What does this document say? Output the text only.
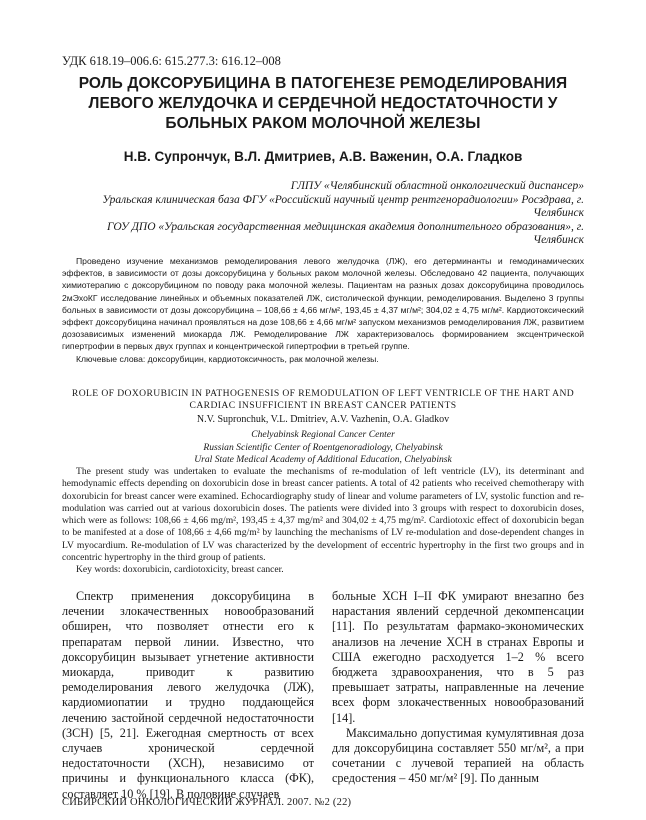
УДК 618.19–006.6: 615.277.3: 616.12–008
РОЛЬ ДОКСОРУБИЦИНА В ПАТОГЕНЕЗЕ РЕМОДЕЛИРОВАНИЯ ЛЕВОГО ЖЕЛУДОЧКА И СЕРДЕЧНОЙ НЕДОСТАТОЧНОСТИ У БОЛЬНЫХ РАКОМ МОЛОЧНОЙ ЖЕЛЕЗЫ
Н.В. Супрончук, В.Л. Дмитриев, А.В. Важенин, О.А. Гладков
ГЛПУ «Челябинский областной онкологический диспансер»
Уральская клиническая база ФГУ «Российский научный центр рентгенорадиологии» Росздрава, г. Челябинск
ГОУ ДПО «Уральская государственная медицинская академия дополнительного образования», г. Челябинск

Проведено изучение механизмов ремоделирования левого желудочка (ЛЖ), его детерминанты и гемодинамических эффектов, в зависимости от дозы доксорубицина у больных раком молочной железы. Обследовано 42 пациента, получающих химиотерапию с доксорубицином по поводу рака молочной железы. Пациентам на разных дозах доксорубицина проводилось 2мЭхоКГ исследование линейных и объемных показателей ЛЖ, систолической функции, ремоделирования. Выделено 3 группы больных в зависимости от дозы доксорубицина – 108,66 ± 4,66 мг/м², 193,45 ± 4,37 мг/м²; 304,02 ± 4,75 мг/м². Кардиотоксический эффект доксорубицина начинал проявляться на дозе 108,66 ± 4,66 мг/м² запуском механизмов ремоделирования ЛЖ, развитием дозозависимых изменений миокарда ЛЖ. Ремоделирование ЛЖ характеризовалось формированием эксцентрической гипертрофии в первых двух группах и концентрической гипертрофии в третьей группе.

Ключевые слова: доксорубицин, кардиотоксичность, рак молочной железы.

ROLE OF DOXORUBICIN IN PATHOGENESIS OF REMODULATION OF LEFT VENTRICLE OF THE HART AND CARDIAC INSUFFICIENT IN BREAST CANCER PATIENTS
N.V. Supronchuk, V.L. Dmitriev, A.V. Vazhenin, O.A. Gladkov
Chelyabinsk Regional Cancer Center
Russian Scientific Center of Roentgenoradiology, Chelyabinsk
Ural State Medical Academy of Additional Education, Chelyabinsk

The present study was undertaken to evaluate the mechanisms of re-modulation of left ventricle (LV), its determinant and hemodynamic effects depending on doxorubicin dose in breast cancer patients. A total of 42 patients who received chemotherapy with doxorubicin for breast cancer were examined. Echocardiography study of linear and volume parameters of LV, systolic function and re-modulation was carried out at various doxorubicin doses. The patients were divided into 3 groups with respect to doxorubicin doses, which were as follows: 108,66 ± 4,66 mg/m², 193,45 ± 4,37 mg/m² and 304,02 ± 4,75 mg/m². Cardiotoxic effect of doxorubicin began to be manifested at a dose of 108,66 ± 4,66 mg/m² by launching the mechanisms of LV re-modulation and dose-dependent changes in LV myocardium. Re-modulation of LV was characterized by the development of eccentric hypertrophy in the first two groups and in concentric hypertrophy in the third group of patients.

Key words: doxorubicin, cardiotoxicity, breast cancer.

Спектр применения доксорубицина в лечении злокачественных новообразований обширен, что позволяет отнести его к препаратам первой линии. Известно, что доксорубицин вызывает угнетение активности миокарда, приводит к развитию ремоделирования левого желудочка (ЛЖ), кардиомиопатии и трудно поддающейся лечению застойной сердечной недостаточности (ЗСН) [5, 21]. Ежегодная смертность от всех случаев хронической сердечной недостаточности (ХСН), независимо от причины и функционального класса (ФК), составляет 10 % [19]. В половине случаев

больные ХСН I–II ФК умирают внезапно без нарастания явлений сердечной декомпенсации [11]. По результатам фармако-экономических анализов на лечение ХСН в странах Европы и США ежегодно расходуется 1–2 % всего бюджета здравоохранения, что в 5 раз превышает затраты, направленные на лечение всех форм злокачественных новообразований [14].

Максимально допустимая кумулятивная доза для доксорубицина составляет 550 мг/м², а при сочетании с лучевой терапией на область средостения – 450 мг/м² [9]. По данным

СИБИРСКИЙ ОНКОЛОГИЧЕСКИЙ ЖУРНАЛ. 2007. №2 (22)
